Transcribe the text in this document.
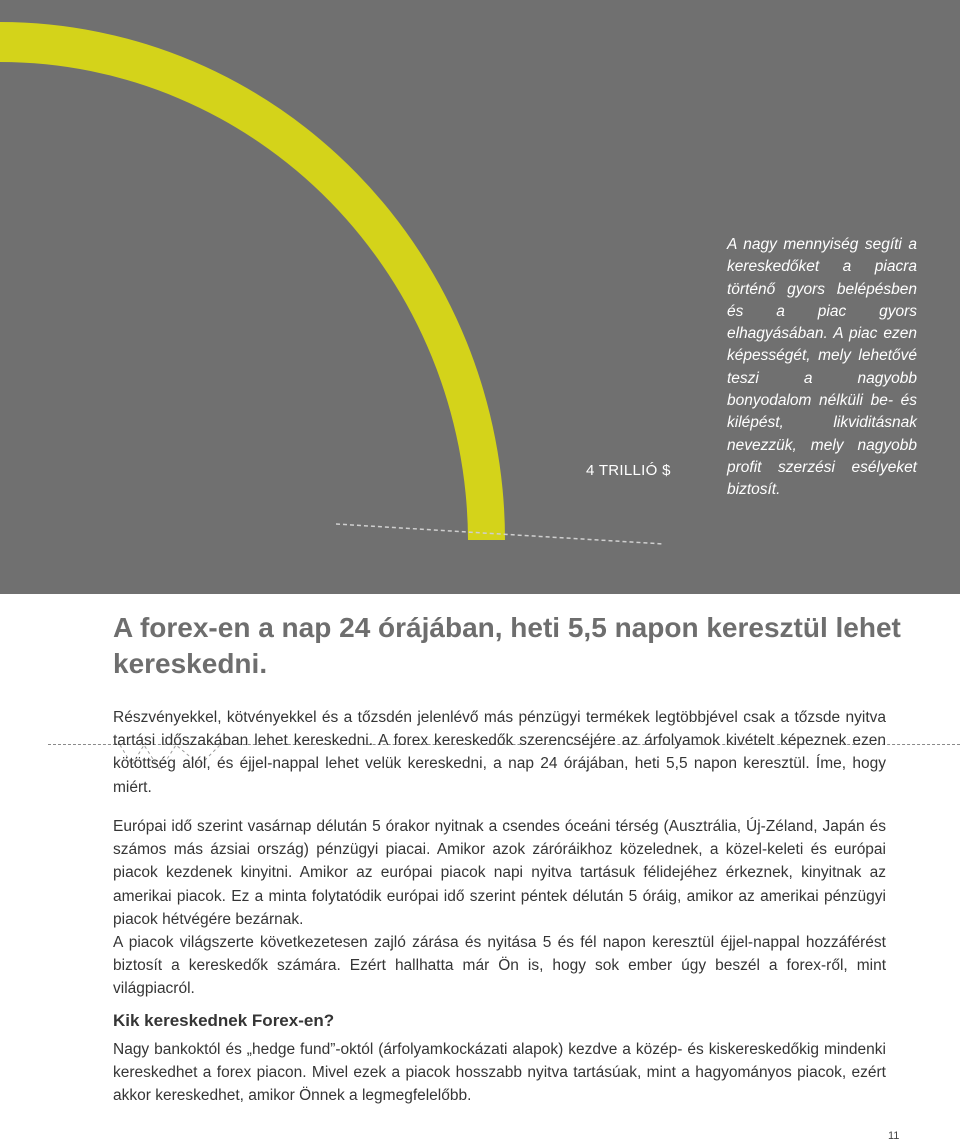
4 TRILLIÓ $
A nagy mennyiség segíti a kereskedőket a piacra történő gyors belépésben és a piac gyors elhagyásában. A piac ezen képességét, mely lehetővé teszi a nagyobb bonyodalom nélküli be- és kilépést, likviditásnak nevezzük, mely nagyobb profit szerzési esélyeket biztosít.
A forex-en a nap 24 órájában, heti 5,5 napon keresztül lehet kereskedni.

Részvényekkel, kötvényekkel és a tőzsdén jelenlévő más pénzügyi termékek legtöbbjével csak a tőzsde nyitva tartási időszakában lehet kereskedni. A forex kereskedők szerencséjére az árfolyamok kivételt képeznek ezen kötöttség alól, és éjjel-nappal lehet velük kereskedni, a nap 24 órájában, heti 5,5 napon keresztül. Íme, hogy miért.

Európai idő szerint vasárnap délután 5 órakor nyitnak a csendes óceáni térség (Ausztrália, Új-Zéland, Japán és számos más ázsiai ország) pénzügyi piacai. Amikor azok záróráikhoz közelednek, a közel-keleti és európai piacok kezdenek kinyitni. Amikor az európai piacok napi nyitva tartásuk félidejéhez érkeznek, kinyitnak az amerikai piacok. Ez a minta folytatódik európai idő szerint péntek délután 5 óráig, amikor az amerikai pénzügyi piacok hétvégére bezárnak.
A piacok világszerte következetesen zajló zárása és nyitása 5 és fél napon keresztül éjjel-nappal hozzáférést biztosít a kereskedők számára. Ezért hallhatta már Ön is, hogy sok ember úgy beszél a forex-ről, mint világpiacról.
Kik kereskednek Forex-en?

Nagy bankoktól és „hedge fund”-októl (árfolyamkockázati alapok) kezdve a közép- és kiskereskedőkig mindenki kereskedhet a forex piacon. Mivel ezek a piacok hosszabb nyitva tartásúak, mint a hagyományos piacok, ezért akkor kereskedhet, amikor Önnek a legmegfelelőbb.

11
